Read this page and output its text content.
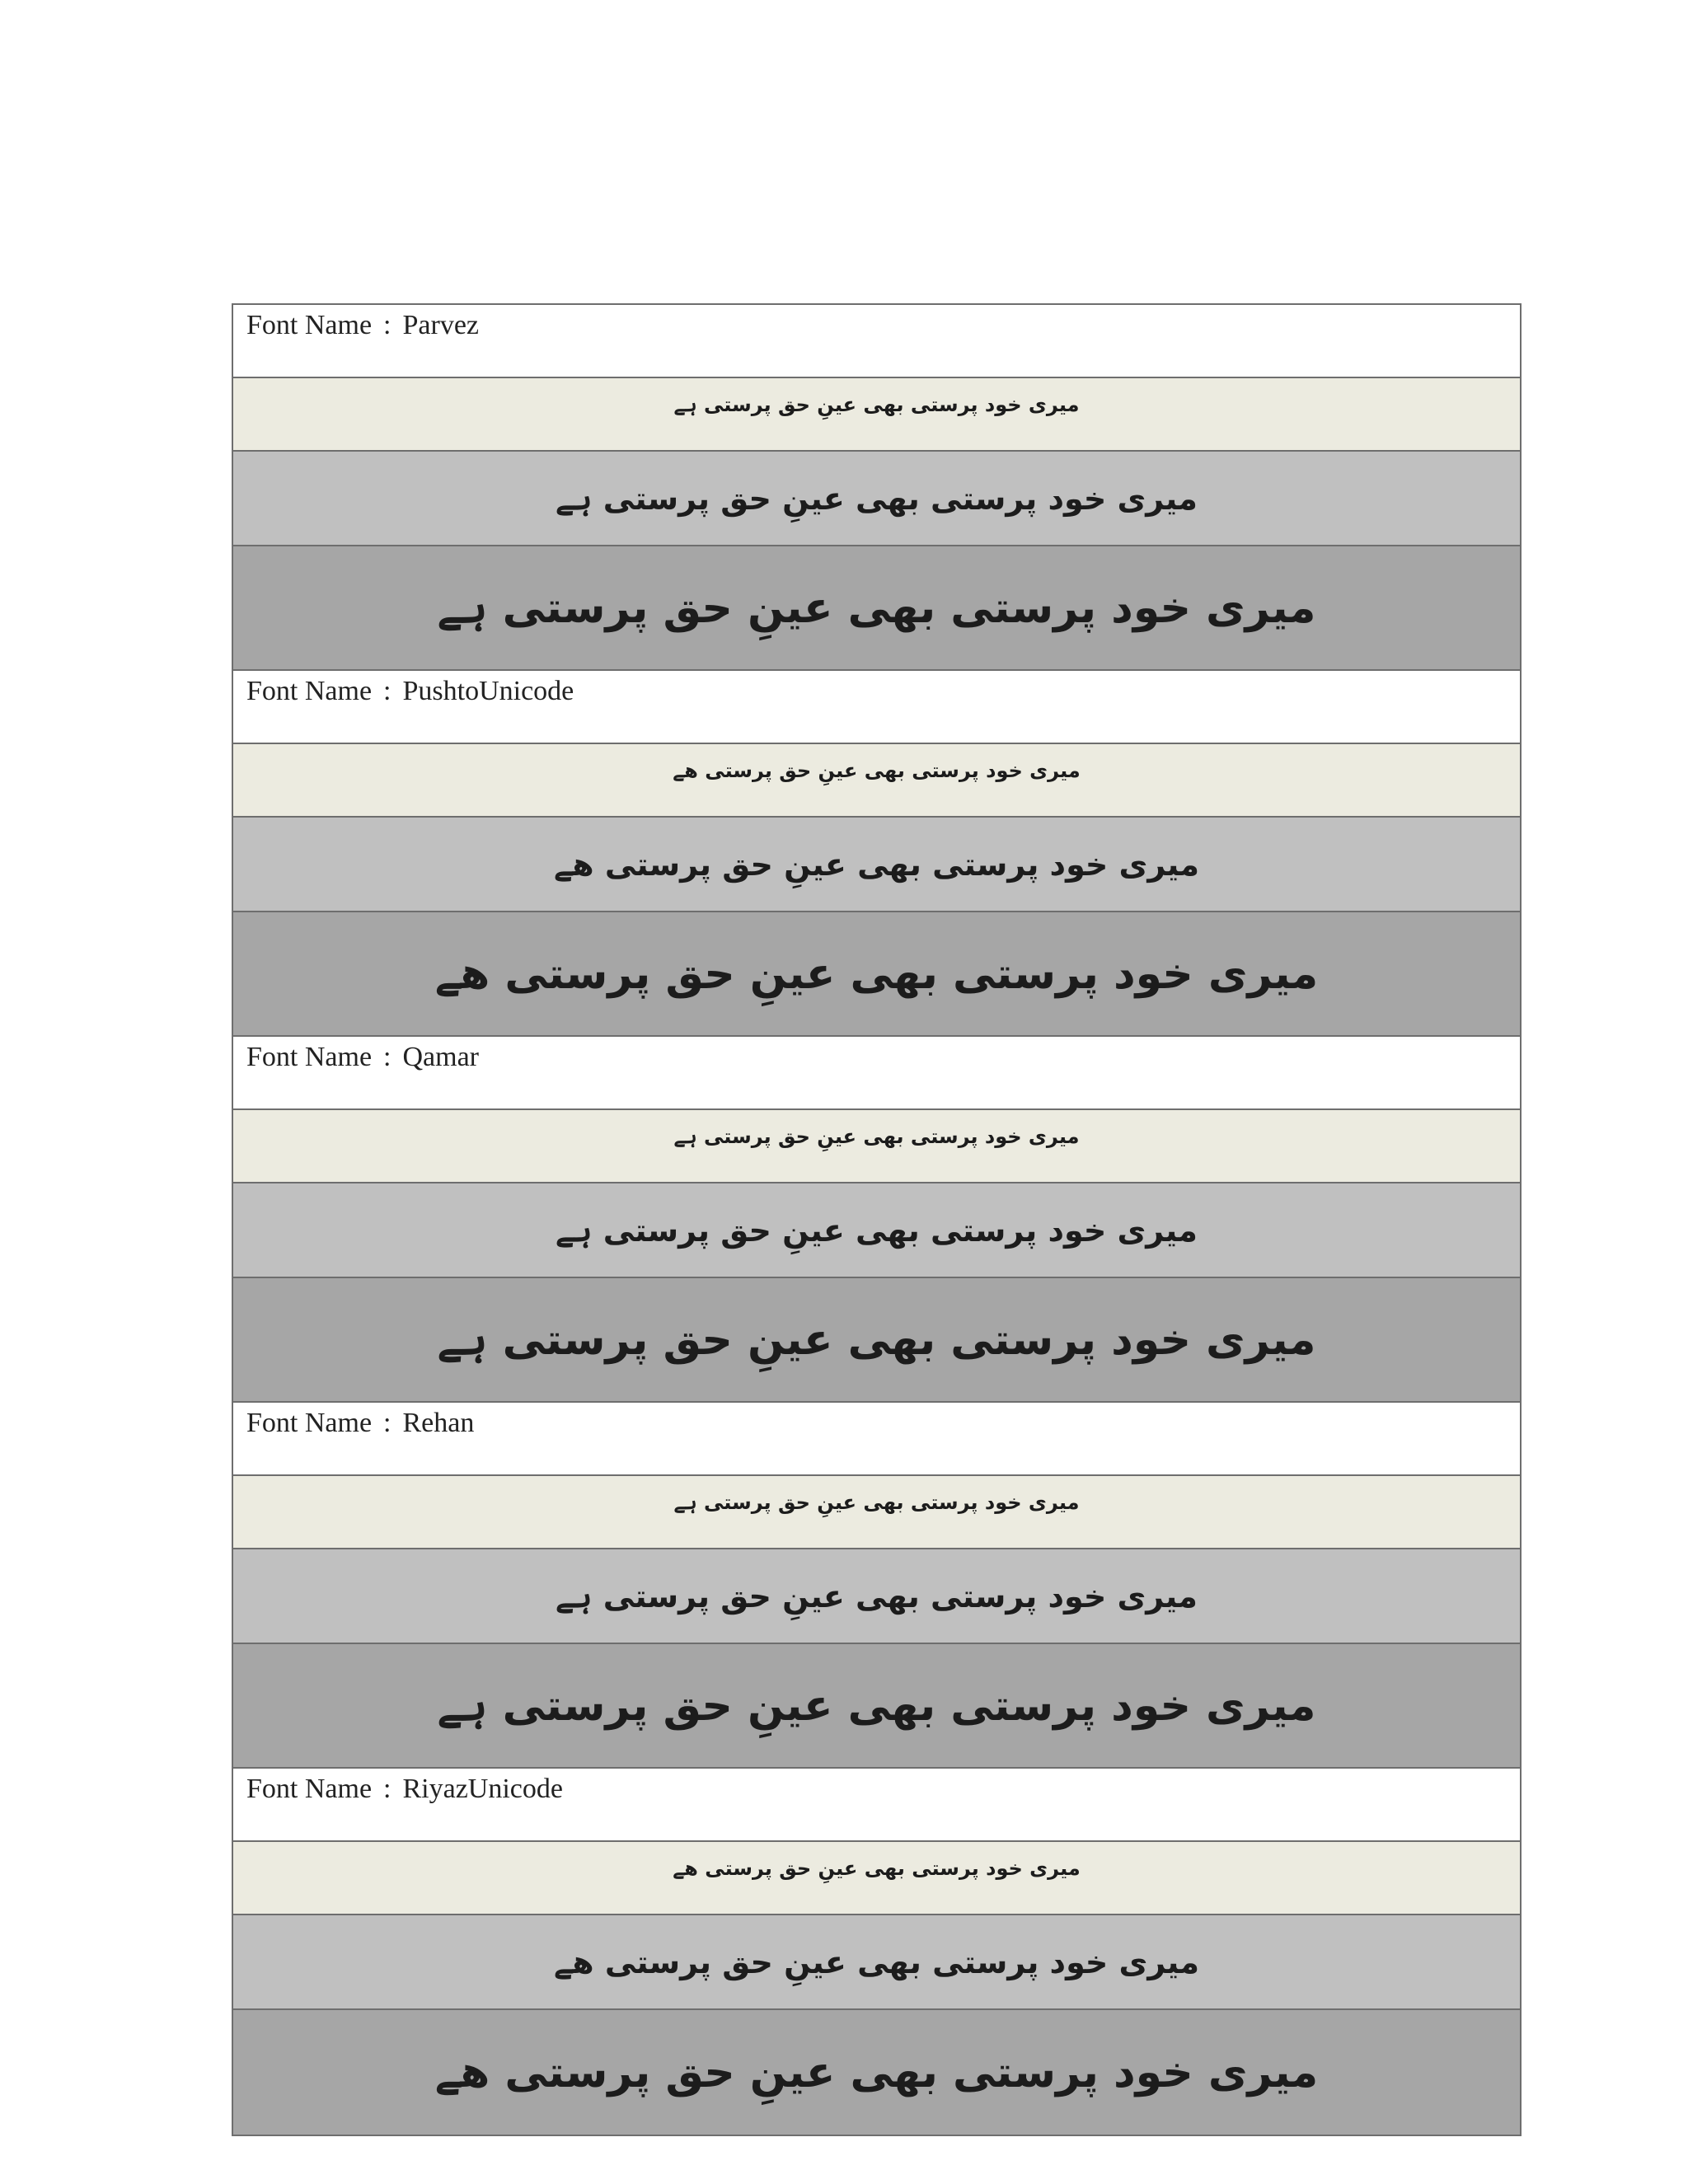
Font Name : Parvez
میری خود پرستی بھی عینِ حق پرستی ہے
میری خود پرستی بھی عینِ حق پرستی ہے
میری خود پرستی بھی عینِ حق پرستی ہے
Font Name : PushtoUnicode
میری خود پرستی بھی عینِ حق پرستی ھے
میری خود پرستی بھی عینِ حق پرستی ھے
میری خود پرستی بھی عینِ حق پرستی ھے
Font Name : Qamar
میری خود پرستی بھی عینِ حق پرستی ہے
میری خود پرستی بھی عینِ حق پرستی ہے
میری خود پرستی بھی عینِ حق پرستی ہے
Font Name : Rehan
میری خود پرستی بھی عینِ حق پرستی ہے
میری خود پرستی بھی عینِ حق پرستی ہے
میری خود پرستی بھی عینِ حق پرستی ہے
Font Name : RiyazUnicode
میری خود پرستی بھی عینِ حق پرستی ھے
میری خود پرستی بھی عینِ حق پرستی ھے
میری خود پرستی بھی عینِ حق پرستی ھے
